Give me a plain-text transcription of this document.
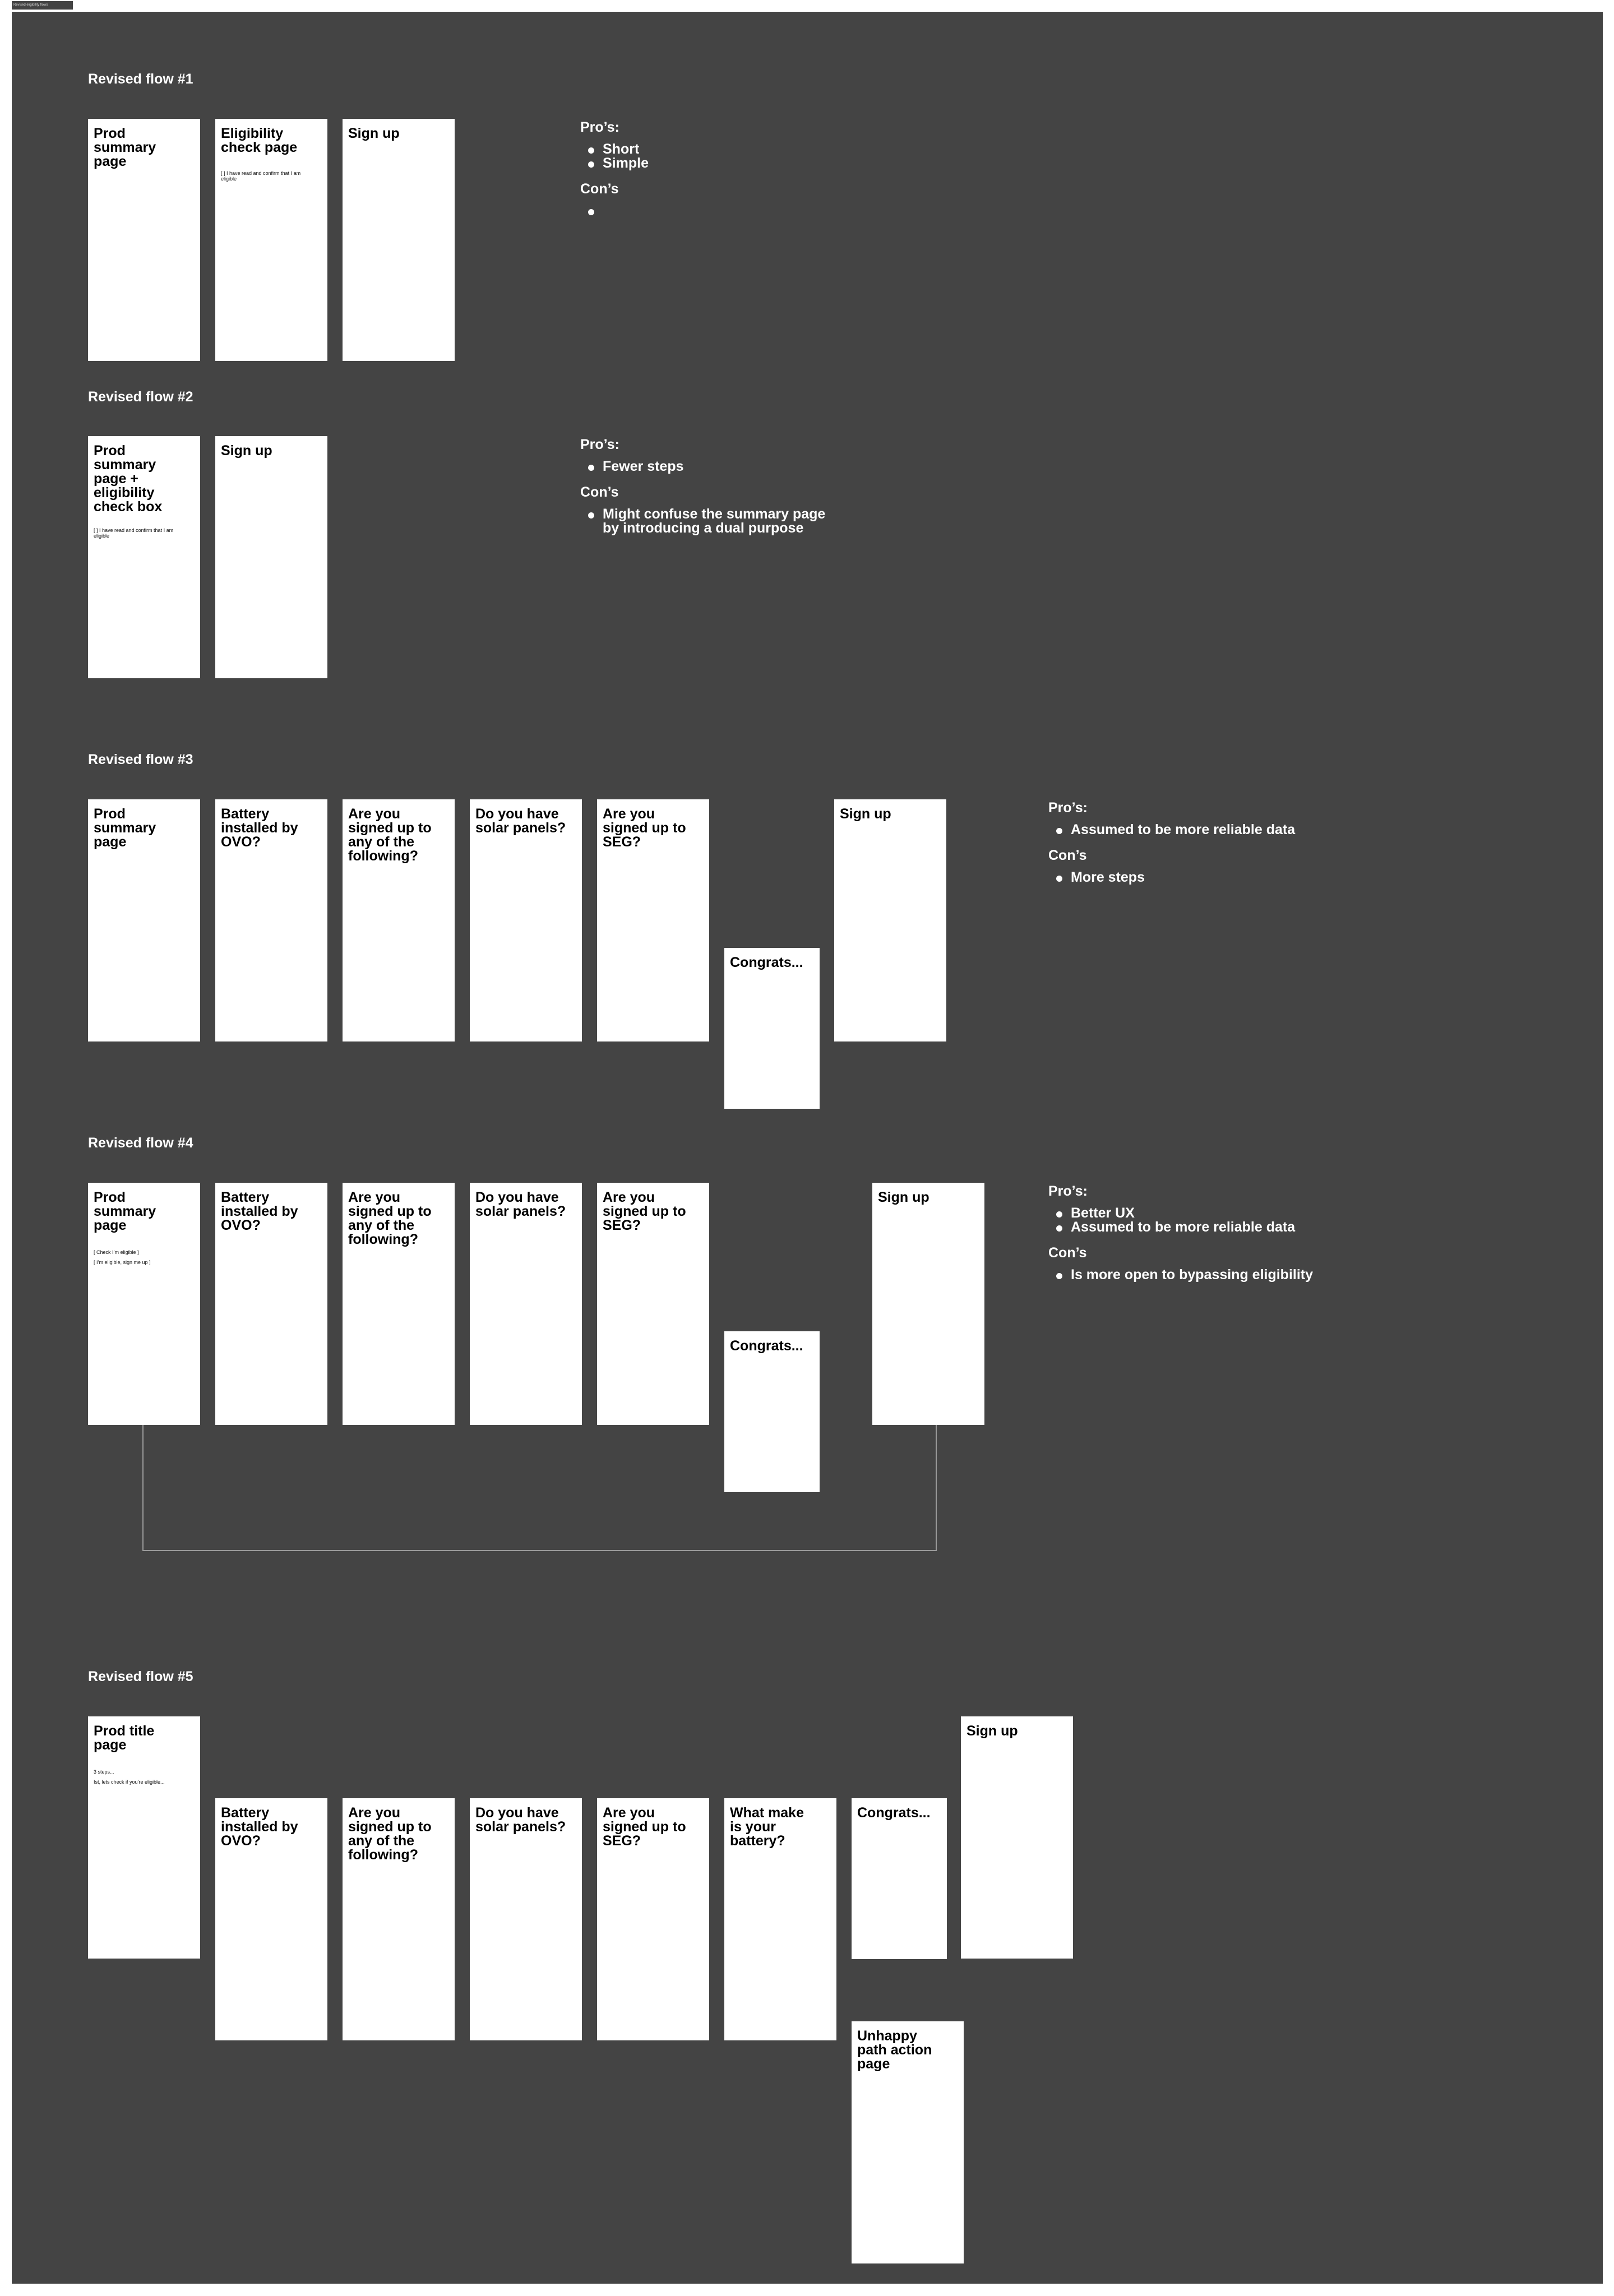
Revised eligibility flows
Revised flow #1

Prod summary page

Eligibility check page

[ ] I have read and confirm that I am eligible

Sign up	Pro’s:

Short
Simple

Con’s

Revised flow #2

Prod summary page + eligibility check box

[ ] I have read and confirm that I am eligible

Sign up	Pro’s:

Fewer steps

Con’s

Might confuse the summary page by introducing a dual purpose
Revised flow #3

Prod summary page

Battery installed by OVO?

Are you signed up to any of the following?

Do you have solar panels?

Are you signed up to SEG?

Congrats...

Sign up	Pro’s:

Assumed to be more reliable data

Con’s

More steps
Revised flow #4

Prod summary page

[ Check I’m eligible ]
[ I’m eligible, sign me up ]

Battery installed by OVO?

Are you signed up to any of the following?

Do you have solar panels?

Are you signed up to SEG?

Congrats...

Sign up	Pro’s:

Better UX
Assumed to be more reliable data

Con’s

Is more open to bypassing eligibility
Revised flow #5

Prod title page

3 steps...
Ist, lets check if you’re eligible...

Battery installed by OVO?

Are you signed up to any of the following?

Do you have solar panels?

Are you signed up to SEG?

What make is your battery?

Congrats...

Sign up

Unhappy path action page
